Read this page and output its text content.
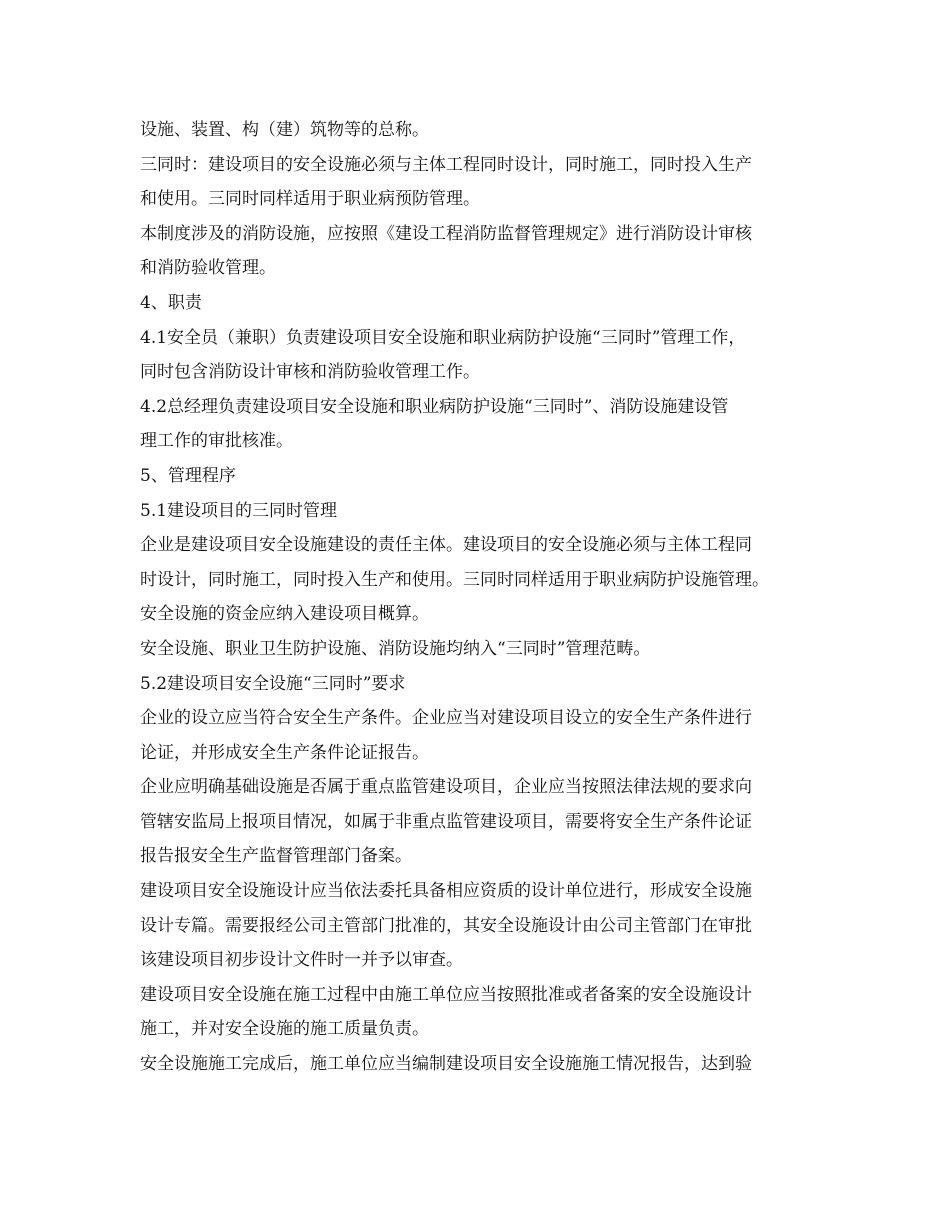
设施、装置、构（建）筑物等的总称。
三同时：建设项目的安全设施必须与主体工程同时设计，同时施工，同时投入生产
和使用。三同时同样适用于职业病预防管理。
本制度涉及的消防设施，应按照《建设工程消防监督管理规定》进行消防设计审核
和消防验收管理。
4、职责
4.1安全员（兼职）负责建设项目安全设施和职业病防护设施“三同时”管理工作，
同时包含消防设计审核和消防验收管理工作。
4.2总经理负责建设项目安全设施和职业病防护设施“三同时”、消防设施建设管
理工作的审批核准。
5、管理程序
5.1建设项目的三同时管理
企业是建设项目安全设施建设的责任主体。建设项目的安全设施必须与主体工程同
时设计，同时施工，同时投入生产和使用。三同时同样适用于职业病防护设施管理。
安全设施的资金应纳入建设项目概算。
安全设施、职业卫生防护设施、消防设施均纳入“三同时”管理范畴。
5.2建设项目安全设施“三同时”要求
企业的设立应当符合安全生产条件。企业应当对建设项目设立的安全生产条件进行
论证，并形成安全生产条件论证报告。
企业应明确基础设施是否属于重点监管建设项目，企业应当按照法律法规的要求向
管辖安监局上报项目情况，如属于非重点监管建设项目，需要将安全生产条件论证
报告报安全生产监督管理部门备案。
建设项目安全设施设计应当依法委托具备相应资质的设计单位进行，形成安全设施
设计专篇。需要报经公司主管部门批准的，其安全设施设计由公司主管部门在审批
该建设项目初步设计文件时一并予以审查。
建设项目安全设施在施工过程中由施工单位应当按照批准或者备案的安全设施设计
施工，并对安全设施的施工质量负责。
安全设施施工完成后，施工单位应当编制建设项目安全设施施工情况报告，达到验
